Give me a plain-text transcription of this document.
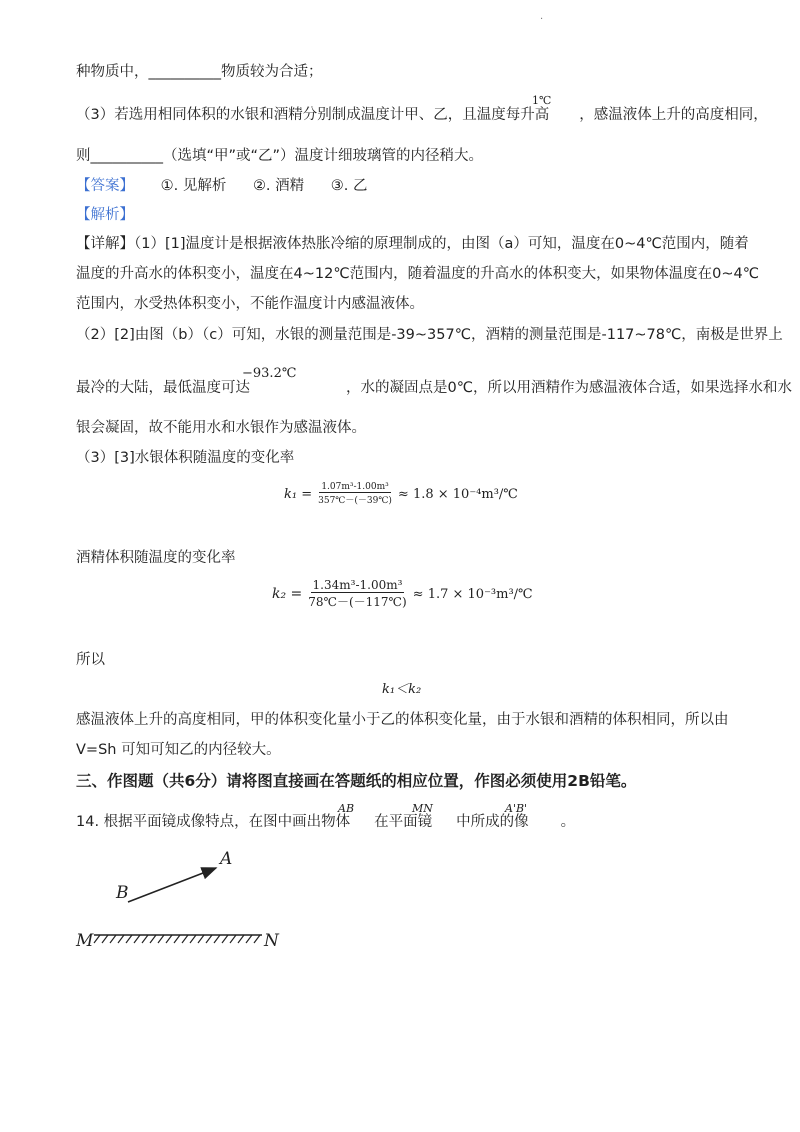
·
种物质中，__________物质较为合适；
（3）若选用相同体积的水银和酒精分别制成温度计甲、乙，且温度每升高 ，感温液体上升的高度相同，
1℃
则__________（选填“甲”或“乙”）温度计细玻璃管的内径稍大。
【答案】 ①. 见解析 ②. 酒精 ③. 乙
【解析】
【详解】（1）[1]温度计是根据液体热胀冷缩的原理制成的，由图（a）可知，温度在0~4℃范围内，随着
温度的升高水的体积变小，温度在4~12℃范围内，随着温度的升高水的体积变大，如果物体温度在0~4℃
范围内，水受热体积变小，不能作温度计内感温液体。
（2）[2]由图（b）（c）可知，水银的测量范围是-39~357℃，酒精的测量范围是-117~78℃，南极是世界上
最冷的大陆，最低温度可达	，水的凝固点是0℃，所以用酒精作为感温液体合适，如果选择水和水
−93.2℃
银会凝固，故不能用水和水银作为感温液体。
（3）[3]水银体积随温度的变化率
$k_1 = \frac{\text{1.07m³-1.00m³}}{357℃-(-39℃)} \approx 1.8$ × 10⁻⁴m³/℃
酒精体积随温度的变化率
$k_2 = \frac{\text{1.34m³-1.00m³}}{78℃-(-117℃)} \approx 1.7$ × 10⁻³m³/℃
所以
k₁＜k₂
感温液体上升的高度相同，甲的体积变化量小于乙的体积变化量，由于水银和酒精的体积相同，所以由
V=Sh 可知可知乙的内径较大。
三、作图题（共6分）请将图直接画在答题纸的相应位置，作图必须使用2B铅笔。
14. 根据平面镜成像特点，在图中画出物体 在平面镜 中所成的像 。
AB	MN	A'B'
A
B
M	N
